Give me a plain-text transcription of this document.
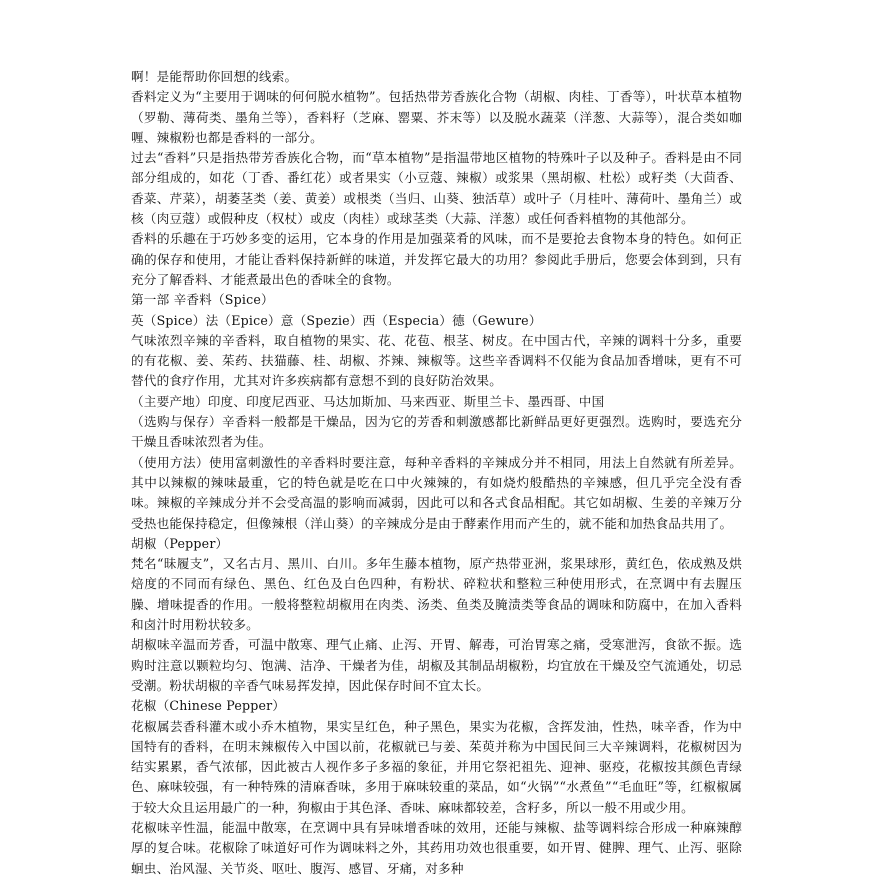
啊！是能帮助你回想的线索。

香料定义为“主要用于调味的何何脱水植物”。包括热带芳香族化合物（胡椒、肉桂、丁香等），叶状草本植物（罗勒、薄荷类、墨角兰等），香料籽（芝麻、罂粟、芥末等）以及脱水蔬菜（洋葱、大蒜等），混合类如咖喱、辣椒粉也都是香料的一部分。

过去“香料”只是指热带芳香族化合物，而“草本植物”是指温带地区植物的特殊叶子以及种子。香料是由不同部分组成的，如花（丁香、番红花）或者果实（小豆蔻、辣椒）或浆果（黑胡椒、杜松）或籽类（大茴香、香菜、芹菜），胡萎茎类（姜、黄姜）或根类（当归、山葵、独活草）或叶子（月桂叶、薄荷叶、墨角兰）或核（肉豆蔻）或假种皮（权杖）或皮（肉桂）或球茎类（大蒜、洋葱）或任何香料植物的其他部分。

香料的乐趣在于巧妙多变的运用，它本身的作用是加强菜肴的风味，而不是要抢去食物本身的特色。如何正确的保存和使用，才能让香料保持新鲜的味道，并发挥它最大的功用？参阅此手册后，您要会体到到，只有充分了解香料、才能煮最出色的香味全的食物。

第一部 辛香料（Spice）

英（Spice）法（Epice）意（Spezie）西（Especia）德（Gewure）

气味浓烈辛辣的辛香料，取自植物的果实、花、花苞、根茎、树皮。在中国古代，辛辣的调料十分多，重要的有花椒、姜、茱药、扶猫藤、桂、胡椒、芥辣、辣椒等。这些辛香调料不仅能为食品加香增味，更有不可替代的食疗作用，尤其对许多疾病都有意想不到的良好防治效果。

（主要产地）印度、印度尼西亚、马达加斯加、马来西亚、斯里兰卡、墨西哥、中国

（选购与保存）辛香料一般都是干燥品，因为它的芳香和刺激感都比新鲜品更好更强烈。选购时，要选充分干燥且香味浓烈者为佳。

（使用方法）使用富刺激性的辛香料时要注意，每种辛香料的辛辣成分并不相同，用法上自然就有所差异。其中以辣椒的辣味最重，它的特色就是吃在口中火辣辣的，有如烧灼般酷热的辛辣感，但几乎完全没有香味。辣椒的辛辣成分并不会受高温的影响而减弱，因此可以和各式食品相配。其它如胡椒、生姜的辛辣万分受热也能保持稳定，但像辣根（洋山葵）的辛辣成分是由于酵素作用而产生的，就不能和加热食品共用了。

胡椒（Pepper）

梵名“昧履支”，又名古月、黑川、白川。多年生藤本植物，原产热带亚洲，浆果球形，黄红色，依成熟及烘焙度的不同而有绿色、黑色、红色及白色四种，有粉状、碎粒状和整粒三种使用形式，在烹调中有去腥压臊、增味提香的作用。一般将整粒胡椒用在肉类、汤类、鱼类及腌渍类等食品的调味和防腐中，在加入香料和卤汁时用粉状较多。

胡椒味辛温而芳香，可温中散寒、理气止痛、止泻、开胃、解毒，可治胃寒之痛，受寒泄泻，食欲不振。选购时注意以颗粒均匀、饱满、洁净、干燥者为佳，胡椒及其制品胡椒粉，均宜放在干燥及空气流通处，切忌受潮。粉状胡椒的辛香气味易挥发掉，因此保存时间不宜太长。

花椒（Chinese Pepper）

花椒属芸香科灌木或小乔木植物，果实呈红色，种子黑色，果实为花椒，含挥发油，性热，味辛香，作为中国特有的香料，在明末辣椒传入中国以前，花椒就已与姜、茱萸并称为中国民间三大辛辣调料，花椒树因为结实累累，香气浓郁，因此被古人视作多子多福的象征，并用它祭祀祖先、迎神、驱疫，花椒按其颜色青绿色、麻味较强，有一种特殊的清麻香味，多用于麻味较重的菜品，如“火锅”“水煮鱼”“毛血旺”等，红椒椒属于较大众且运用最广的一种，狗椒由于其色泽、香味、麻味都较差，含籽多，所以一般不用或少用。

花椒味辛性温，能温中散寒，在烹调中具有异味增香味的效用，还能与辣椒、盐等调料综合形成一种麻辣醇厚的复合味。花椒除了味道好可作为调味料之外，其药用功效也很重要，如开胃、健脾、理气、止泻、驱除蛔虫、治风湿、关节炎、呕吐、腹泻、感冒、牙痛，对多种
